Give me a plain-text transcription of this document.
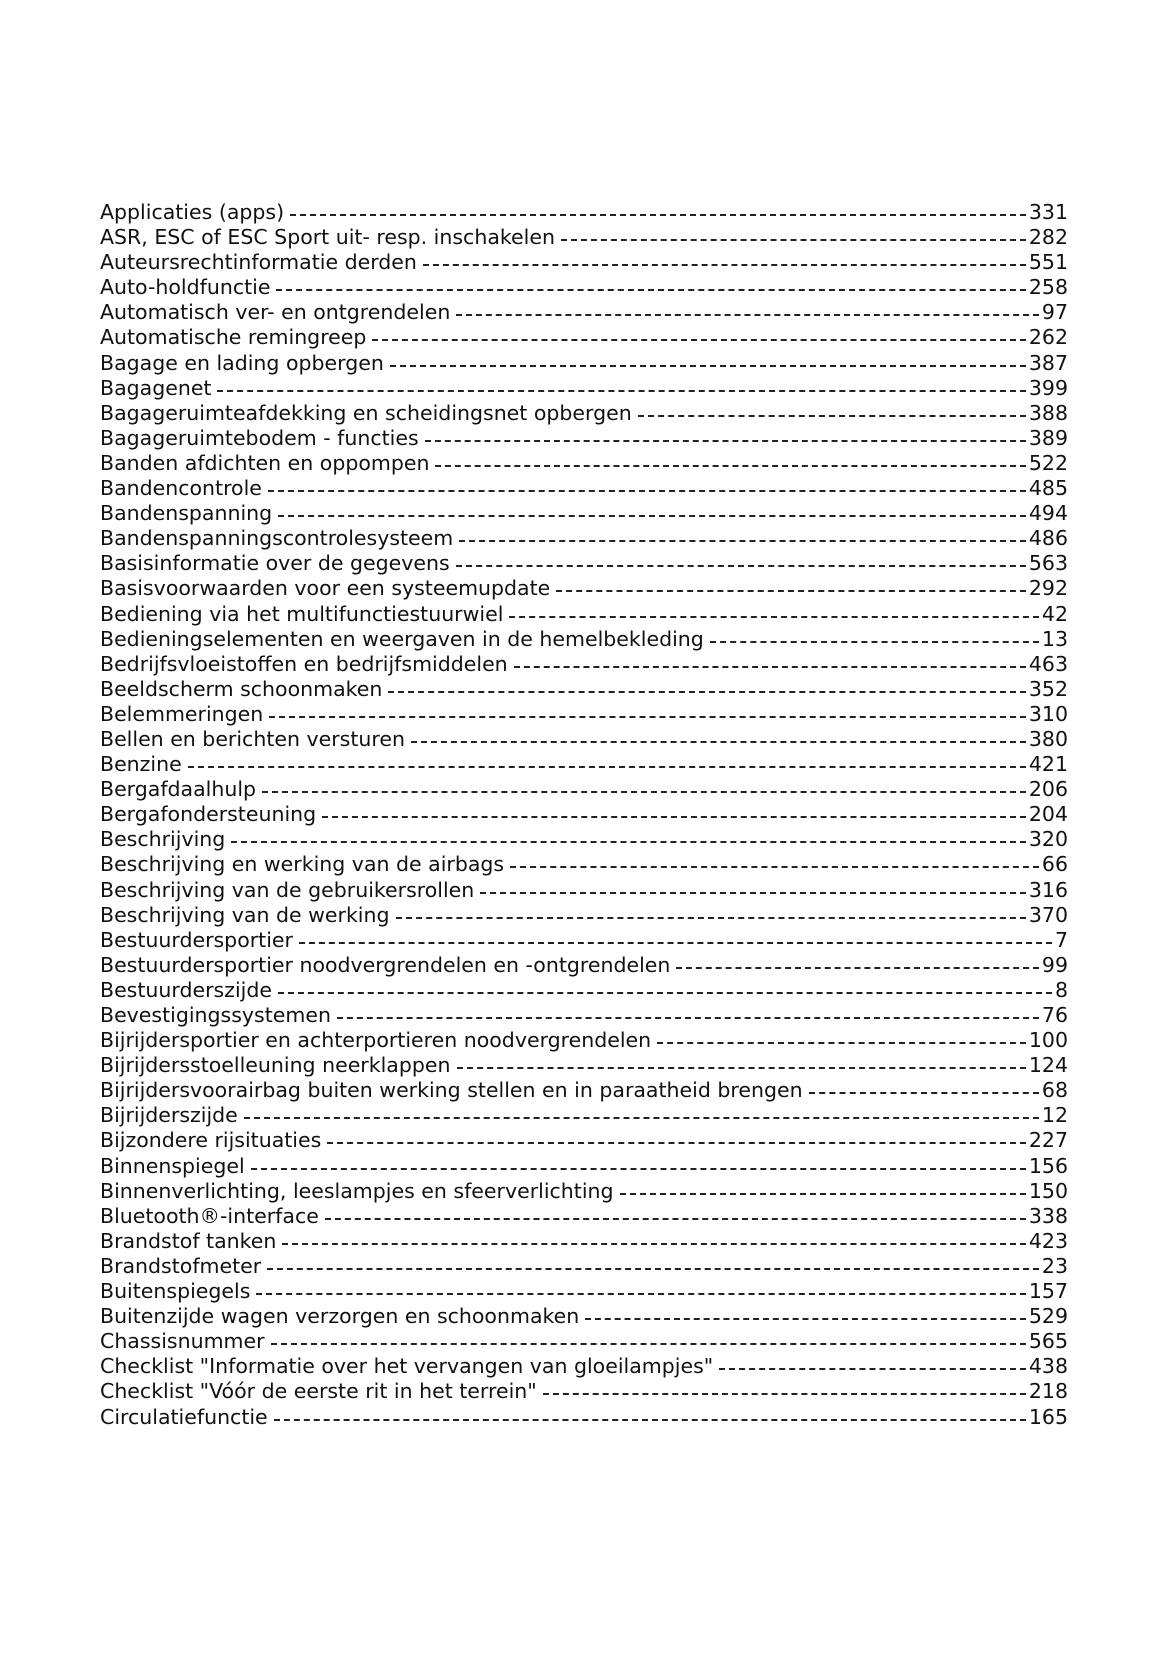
Applicaties (apps)	331
ASR, ESC of ESC Sport uit- resp. inschakelen	282
Auteursrechtinformatie derden	551
Auto-holdfunctie	258
Automatisch ver- en ontgrendelen	97
Automatische remingreep	262
Bagage en lading opbergen	387
Bagagenet	399
Bagageruimteafdekking en scheidingsnet opbergen	388
Bagageruimtebodem - functies	389
Banden afdichten en oppompen	522
Bandencontrole	485
Bandenspanning	494
Bandenspanningscontrolesysteem	486
Basisinformatie over de gegevens	563
Basisvoorwaarden voor een systeemupdate	292
Bediening via het multifunctiestuurwiel	42
Bedieningselementen en weergaven in de hemelbekleding	13
Bedrijfsvloeistoffen en bedrijfsmiddelen	463
Beeldscherm schoonmaken	352
Belemmeringen	310
Bellen en berichten versturen	380
Benzine	421
Bergafdaalhulp	206
Bergafondersteuning	204
Beschrijving	320
Beschrijving en werking van de airbags	66
Beschrijving van de gebruikersrollen	316
Beschrijving van de werking	370
Bestuurdersportier	7
Bestuurdersportier noodvergrendelen en -ontgrendelen	99
Bestuurderszijde	8
Bevestigingssystemen	76
Bijrijdersportier en achterportieren noodvergrendelen	100
Bijrijdersstoelleuning neerklappen	124
Bijrijdersvoorairbag buiten werking stellen en in paraatheid brengen	68
Bijrijderszijde	12
Bijzondere rijsituaties	227
Binnenspiegel	156
Binnenverlichting, leeslampjes en sfeerverlichting	150
Bluetooth®-interface	338
Brandstof tanken	423
Brandstofmeter	23
Buitenspiegels	157
Buitenzijde wagen verzorgen en schoonmaken	529
Chassisnummer	565
Checklist "Informatie over het vervangen van gloeilampjes"	438
Checklist "Vóór de eerste rit in het terrein"	218
Circulatiefunctie	165
